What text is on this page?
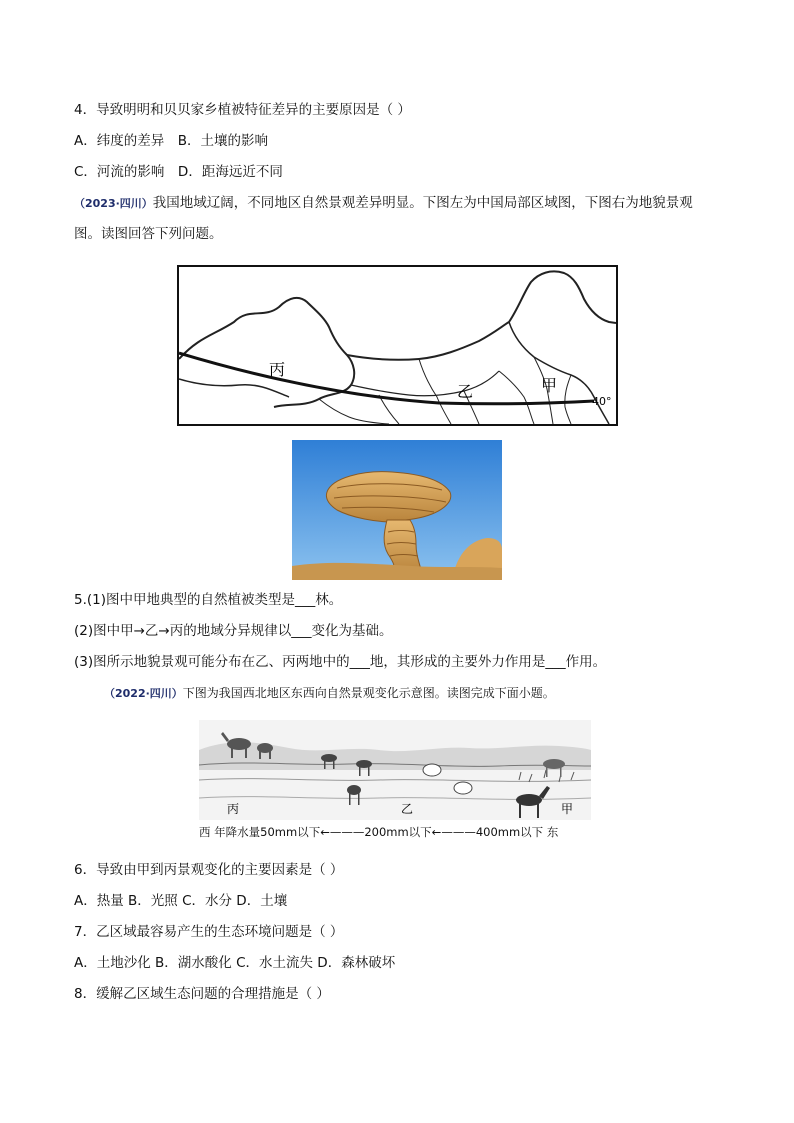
4．导致明明和贝贝家乡植被特征差异的主要原因是（ ）
A．纬度的差异　B．土壤的影响
C．河流的影响　D．距海远近不同
（2023·四川）我国地域辽阔，不同地区自然景观差异明显。下图左为中国局部区域图，下图右为地貌景观
图。读图回答下列问题。
丙
乙	甲
40°
5.(1)图中甲地典型的自然植被类型是___林。
(2)图中甲→乙→丙的地域分异规律以___变化为基础。
(3)图所示地貌景观可能分布在乙、丙两地中的___地，其形成的主要外力作用是___作用。
（2022·四川）下图为我国西北地区东西向自然景观变化示意图。读图完成下面小题。
丙	乙	甲
西 年降水量50mm以下←———200mm以下←———400mm以下 东
6．导致由甲到丙景观变化的主要因素是（ ）
A．热量 B．光照 C．水分 D．土壤
7．乙区域最容易产生的生态环境问题是（ ）
A．土地沙化 B．湖水酸化 C．水土流失 D．森林破坏
8．缓解乙区域生态问题的合理措施是（ ）
